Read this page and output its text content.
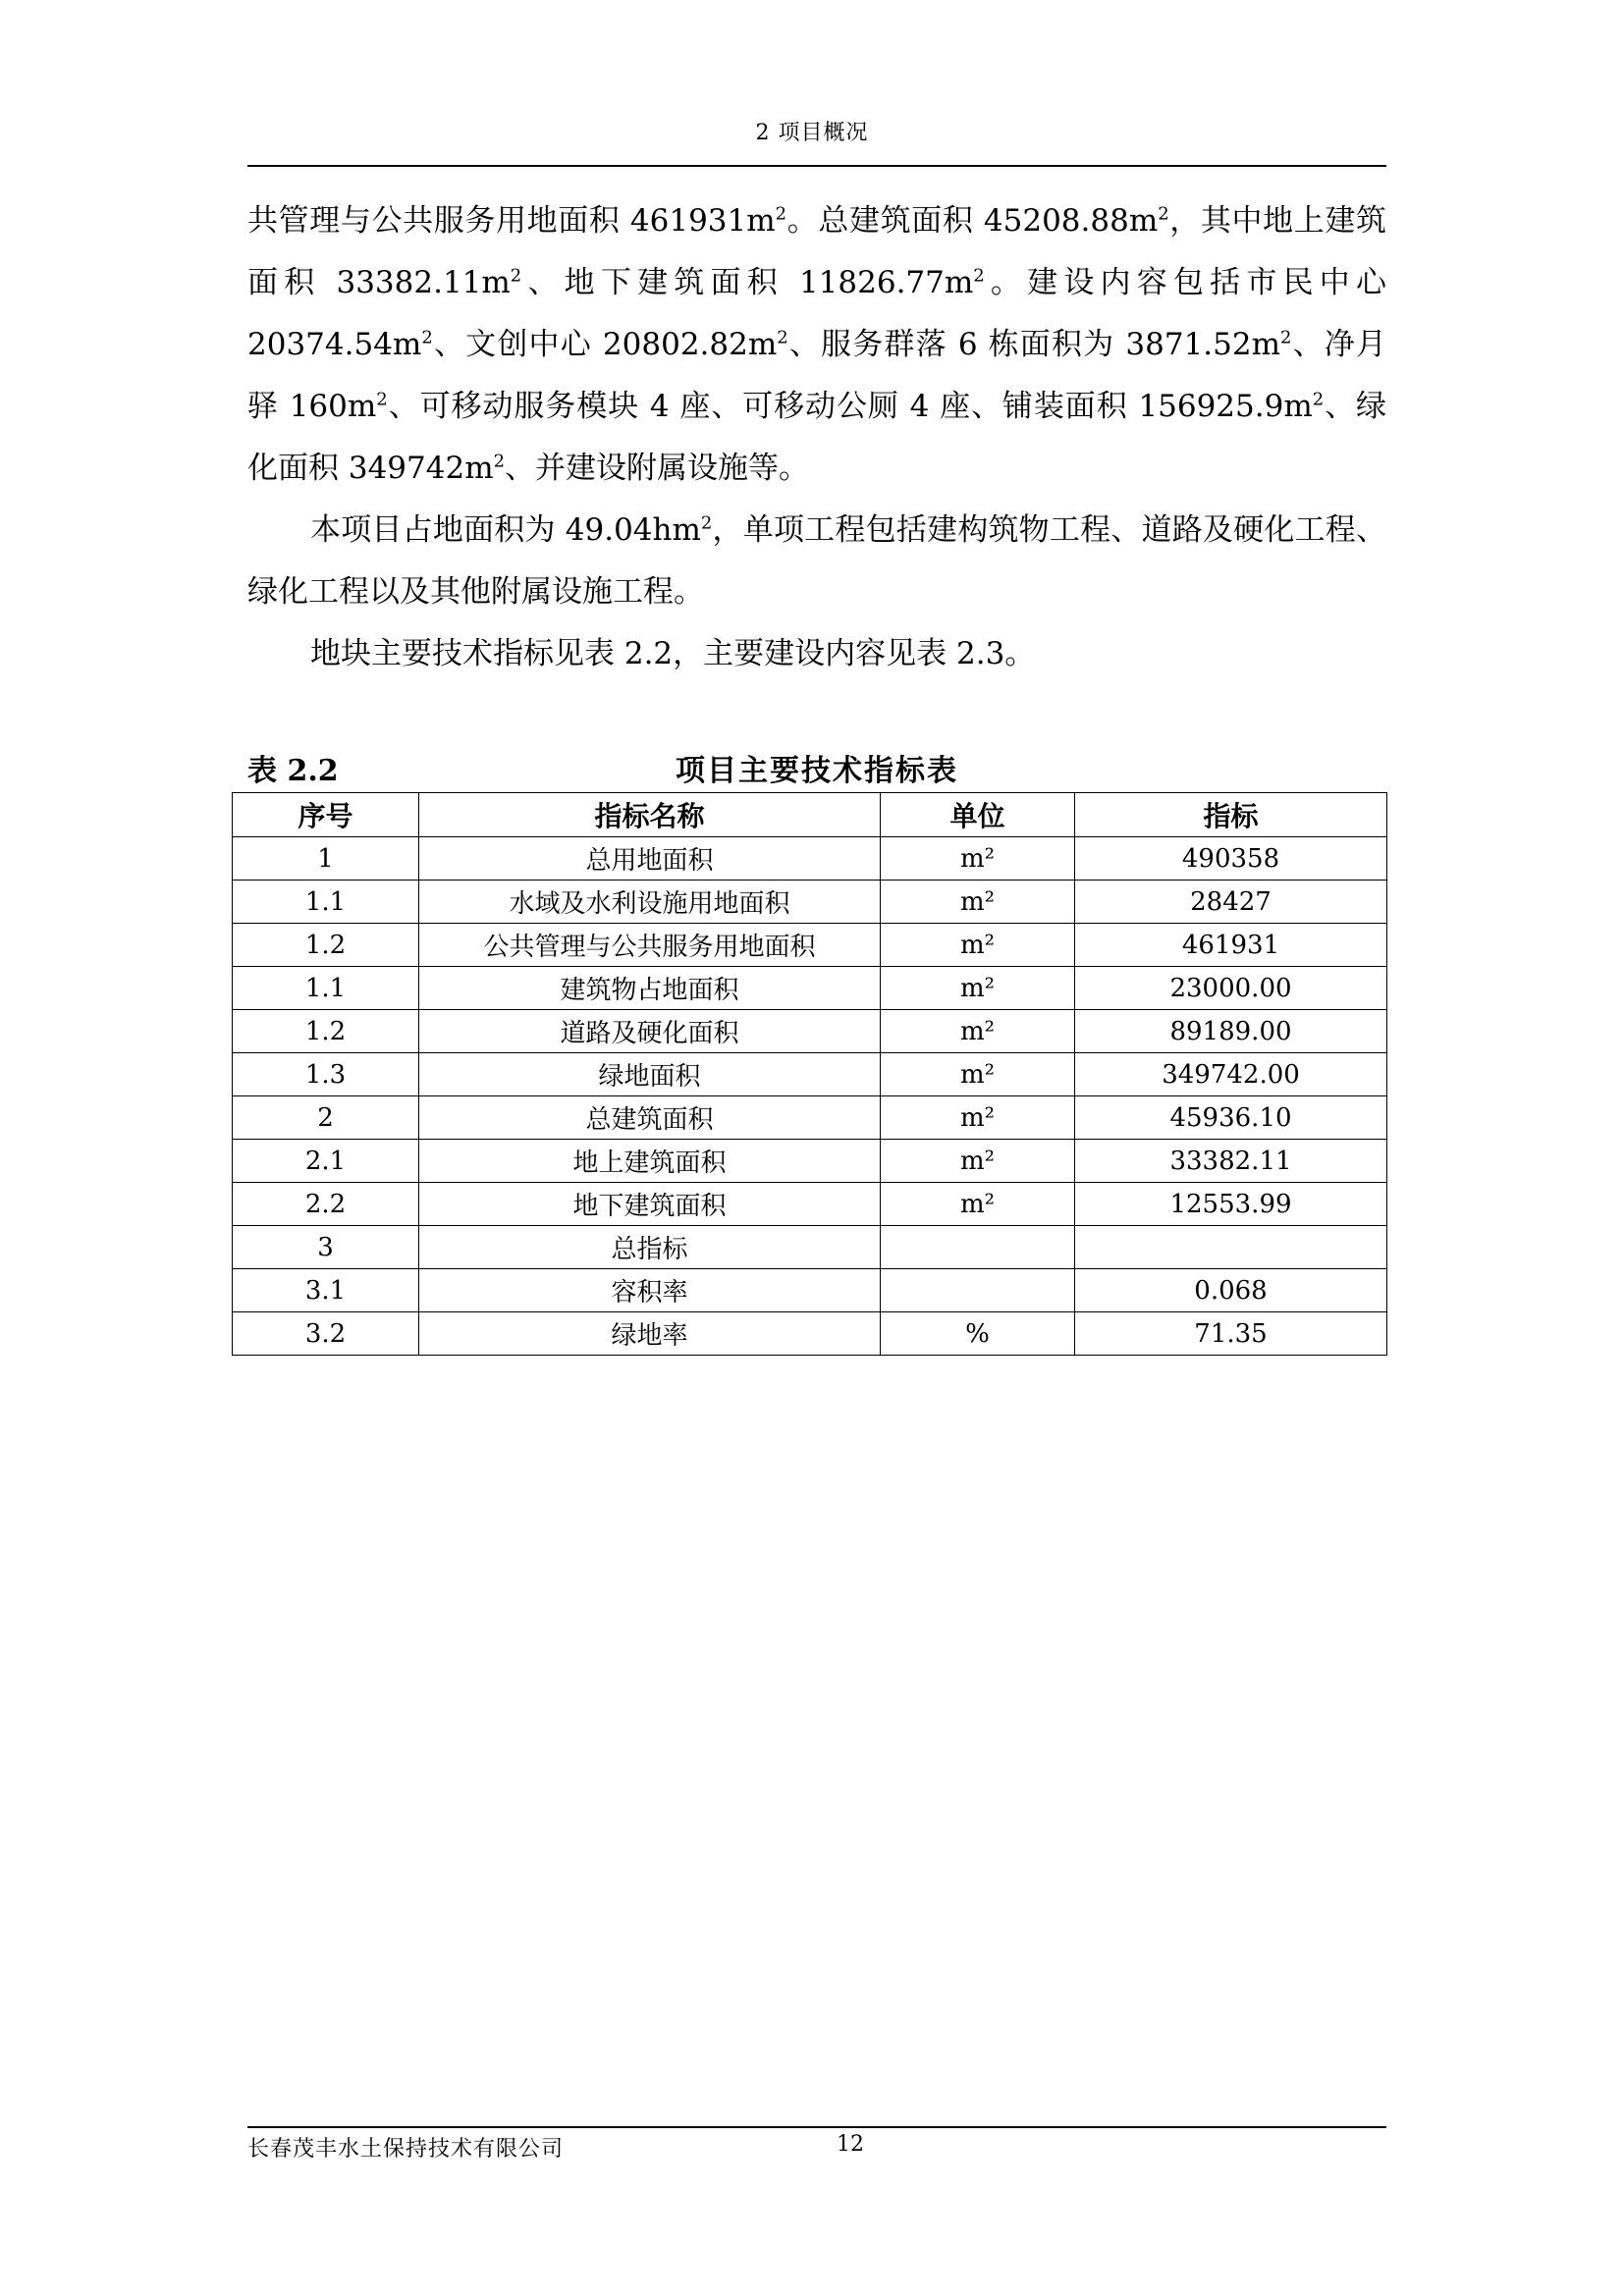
2 项目概况

共管理与公共服务用地面积 $461931m^2$。总建筑面积 $45208.88m^2$，其中地上建筑面积 $33382.11m^2$、地下建筑面积 $11826.77m^2$。建设内容包括市民中心 $20374.54m^2$、文创中心 $20802.82m^2$、服务群落 6 栋面积为 $3871.52m^2$、净月驿 $160m^2$、可移动服务模块 4 座、可移动公厕 4 座、铺装面积 $156925.9m^2$、绿化面积 $349742m^2$、并建设附属设施等。

本项目占地面积为 $49.04hm^2$，单项工程包括建构筑物工程、道路及硬化工程、绿化工程以及其他附属设施工程。

地块主要技术指标见表 2.2，主要建设内容见表 2.3。

表 2.2	项目主要技术指标表
序号	指标名称	单位	指标
1	总用地面积	m²	490358
1.1	水域及水利设施用地面积	m²	28427
1.2	公共管理与公共服务用地面积	m²	461931
1.1	建筑物占地面积	m²	23000.00
1.2	道路及硬化面积	m²	89189.00
1.3	绿地面积	m²	349742.00
2	总建筑面积	m²	45936.10
2.1	地上建筑面积	m²	33382.11
2.2	地下建筑面积	m²	12553.99
3	总指标		
3.1	容积率		0.068
3.2	绿地率	%	71.35
长春茂丰水土保持技术有限公司	12
